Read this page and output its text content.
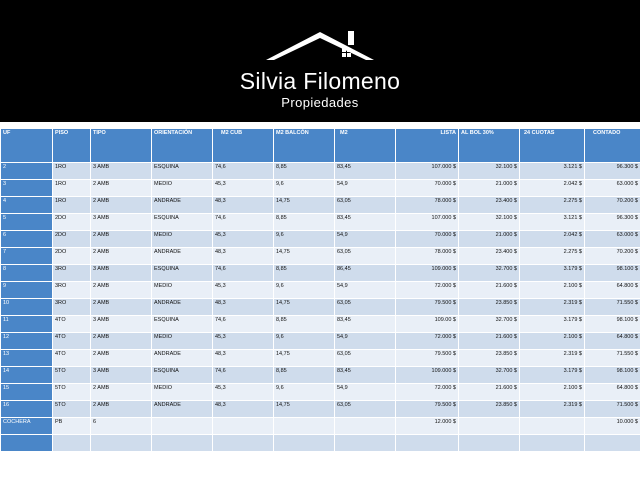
Silvia Filomeno
Propiedades
UF	PISO	TIPO	ORIENTACIÓN	M2 CUB	M2 BALCÓN	M2	LISTA	AL BOL 30%	24 CUOTAS	CONTADO
2	1RO	3 AMB	ESQUINA	74,6	8,85	83,45	107.000 $	32.100 $	3.121 $	96.300 $
3	1RO	2 AMB	MEDIO	45,3	9,6	54,9	70.000 $	21.000 $	2.042 $	63.000 $
4	1RO	2 AMB	ANDRADE	48,3	14,75	63,05	78.000 $	23.400 $	2.275 $	70.200 $
5	2DO	3 AMB	ESQUINA	74,6	8,85	83,45	107.000 $	32.100 $	3.121 $	96.300 $
6	2DO	2 AMB	MEDIO	45,3	9,6	54,9	70.000 $	21.000 $	2.042 $	63.000 $
7	2DO	2 AMB	ANDRADE	48,3	14,75	63,05	78.000 $	23.400 $	2.275 $	70.200 $
8	3RO	3 AMB	ESQUINA	74,6	8,85	86,45	109.000 $	32.700 $	3.179 $	98.100 $
9	3RO	2 AMB	MEDIO	45,3	9,6	54,9	72.000 $	21.600 $	2.100 $	64.800 $
10	3RO	2 AMB	ANDRADE	48,3	14,75	63,05	79.500 $	23.850 $	2.319 $	71.550 $
11	4TO	3 AMB	ESQUINA	74,6	8,85	83,45	109.00 $	32.700 $	3.179 $	98.100 $
12	4TO	2 AMB	MEDIO	45,3	9,6	54,9	72.000 $	21.600 $	2.100 $	64.800 $
13	4TO	2 AMB	ANDRADE	48,3	14,75	63,05	79.500 $	23.850 $	2.319 $	71.550 $
14	5TO	3 AMB	ESQUINA	74,6	8,85	83,45	109.000 $	32.700 $	3.179 $	98.100 $
15	5TO	2 AMB	MEDIO	45,3	9,6	54,9	72.000 $	21.600 $	2.100 $	64.800 $
16	5TO	2 AMB	ANDRADE	48,3	14,75	63,05	79.500 $	23.850 $	2.319 $	71.500 $
COCHERA	PB	6					12.000 $			10.000 $
